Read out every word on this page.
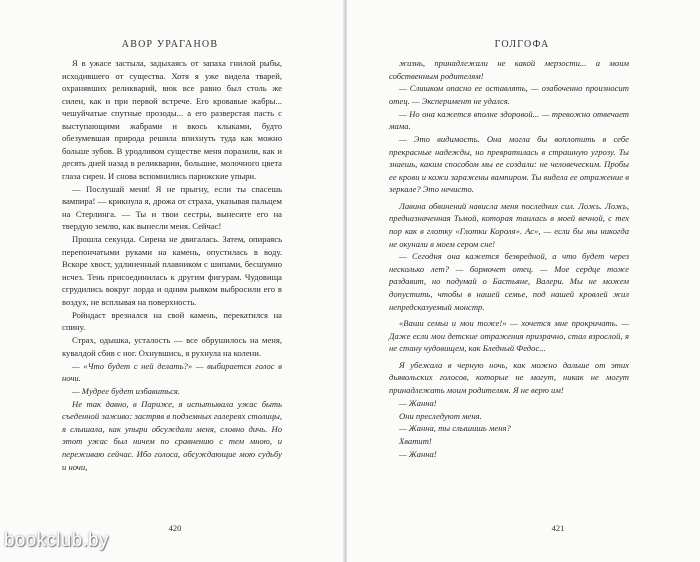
АВОР УРАГАНОВ

Я в ужасе застыла, задыхаясь от запаха гнилой рыбы, исходившего от существа. Хотя я уже видела тварей, охранявших реликварий, вюк все равно был столь же силен, как и при первой встрече. Его кровавые жабры... чешуйчатые спутные прозоды... а его разверстая пасть с выступающими жабрами и вкось клыками, будто обезумевшая природа решила впихнуть туда как можно больше зубов. В уродливом существе меня поразили, как и десять дней назад в реликварии, большие, молочного цвета глаза сирен. И снова вспомнились парижские упыри.

— Послушай меня! Я не прыгну, если ты спасешь вампира! — крикнула я, дрожа от страха, указывая пальцем на Стерлинга. — Ты и твои сестры, вынесите его на твердую землю, как вынесли меня. Сейчас!

Прошла секунда. Сирена не двигалась. Затем, опираясь перепончатыми руками на камень, опустилась в воду. Вскоре хвост, удлиненный плавником с шипами, бесшумно исчез. Тень присоединилась к другим фигурам. Чудовища сгрудились вокруг лорда и одним рывком выбросили его в воздух, не всплывая на поверхность.

Ройндаст врезнался на свой камень, перекатился на спину.

Страх, одышка, усталость — все обрушилось на меня, кувалдой сбив с ног. Охнувшись, я рухнула на колени.

— «Что будет с ней делать?» — выбирается голос в ночи.

— Мудрее будет избавиться.

Не так давно, в Париже, я испытывала ужас быть съеденной заживо: застряв в подземных галереях столицы, я слышала, как упыри обсуждали меня, словно дичь. Но этот ужас был ничем по сравнению с тем мною, и переживаю сейчас. Ибо голоса, обсуждающие мою судьбу и ночи,

420
ГОЛГОФА

жизнь, принадлежали не какой мерзости... а моим собственным родителям!

— Слишком опасно ее оставлять, — озабоченно произносит отец. — Эксперимент не удался.

— Но она кажется вполне здоровой... — тревожно отвечает мама.

— Это видимость. Она могла бы воплотить в себе прекрасные надежды, но превратилась в страшную угрозу. Ты знаешь, каким способом мы ее создали: не человеческим. Пробы ее крови и кожи заражены вампиром. Ты видела ее отражение в зеркале? Это нечисто.

Лавина обвинений нависла меня последних сил. Ложь. Ложь, предназначенная Тьмой, которая таилась в моей вечной, с тех пор как в глотку «Глотки Короля». Ас», — если бы мы никогда не окунали в моем сером сне!

— Сегодня она кажется безвредной, а что будет через несколько лет? — бормочет отец. — Мое сердце тоже раздавит, но подумай о Бастьяне, Валери. Мы не можем допустить, чтобы в нашей семье, под нашей кровлей жил непредсказуемый монстр.

«Ваши семьи и мои тоже!» — хочется мне прокричать. — Даже если мои детские отражения призрачно, стал взрослой, я не стану чудовищем, как Бледный Федос...

Я убежала в черную ночь, как можно дальше от этих дьявольских голосов, которые не могут, никак не могут принадлежать моим родителям. Я не верю им!

— Жанна!

Они преследуют меня.

— Жанна, ты слышишь меня?

Хватит!

— Жанна!

421
bookclub.by
